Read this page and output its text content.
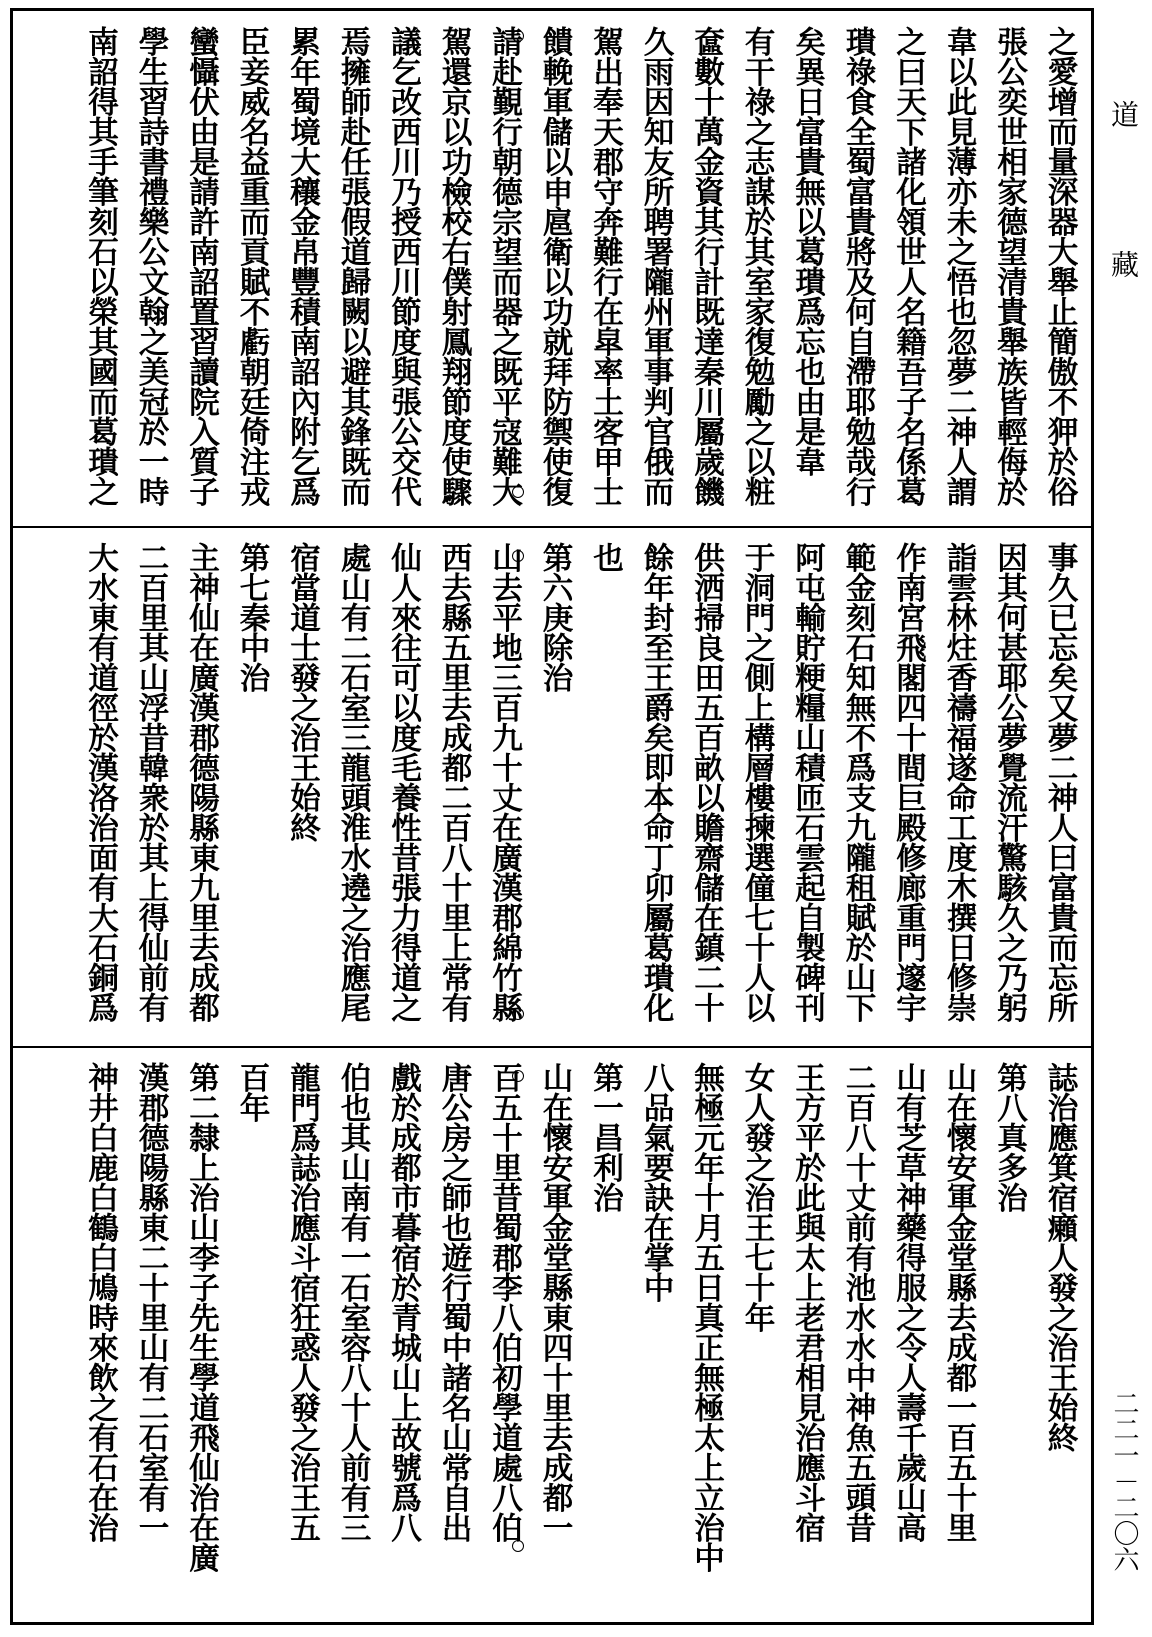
道
藏
二二一－二〇六
之愛增而量深器大舉止簡傲不狎於俗
張公奕世相家德望清貴舉族皆輕侮於
韋以此見薄亦未之悟也忽夢二神人謂
之曰天下諸化領世人名籍吾子名係葛
璝祿食全蜀富貴將及何自滯耶勉哉行
矣異日富貴無以葛璝爲忘也由是韋
有干祿之志謀於其室家復勉勵之以粧
奩數十萬金資其行計既達秦川屬歲饑
久雨因知友所聘署隴州軍事判官俄而
駕出奉天郡守奔難行在皐率土客甲士
饋輓軍儲以申扈衛以功就拜防禦使復
請赴覲行朝德宗望而器之既平寇難大
駕還京以功檢校右僕射鳳翔節度使驟
議乞改西川乃授西川節度與張公交代
焉擁師赴任張假道歸闕以避其鋒既而
累年蜀境大穰金帛豐積南詔內附乞爲
臣妾威名益重而貢賦不虧朝廷倚注戎
蠻懾伏由是請許南詔置習讀院入質子
學生習詩書禮樂公文翰之美冠於一時
南詔得其手筆刻石以榮其國而葛璝之
事久已忘矣又夢二神人曰富貴而忘所
因其何甚耶公夢覺流汗驚駭久之乃躬
詣雲林炷香禱福遂命工度木撰日修崇
作南宮飛閣四十間巨殿修廊重門邃宇
範金刻石知無不爲支九隴租賦於山下
阿屯輸貯粳糧山積匝石雲起自製碑刊
于洞門之側上構層樓揀選僮七十人以
供洒掃良田五百畝以贍齋儲在鎮二十
餘年封至王爵矣即本命丁卯屬葛璝化
也
第六庚除治
山去平地三百九十丈在廣漢郡綿竹縣
西去縣五里去成都二百八十里上常有
仙人來往可以度毛養性昔張力得道之
處山有二石室三龍頭淮水遶之治應尾
宿當道士發之治王始終
第七秦中治
主神仙在廣漢郡德陽縣東九里去成都
二百里其山浮昔韓衆於其上得仙前有
大水東有道徑於漢洛治面有大石銅爲
誌治應箕宿癩人發之治王始終
第八真多治
山在懷安軍金堂縣去成都一百五十里
山有芝草神藥得服之令人壽千歲山高
二百八十丈前有池水水中神魚五頭昔
王方平於此與太上老君相見治應斗宿
女人發之治王七十年
無極元年十月五日真正無極太上立治中
八品氣要訣在掌中
第一昌利治
山在懷安軍金堂縣東四十里去成都一
百五十里昔蜀郡李八伯初學道處八伯
唐公房之師也遊行蜀中諸名山常自出
戲於成都市暮宿於青城山上故號爲八
伯也其山南有一石室容八十人前有三
龍門爲誌治應斗宿狂惑人發之治王五
百年
第二隸上治山李子先生學道飛仙治在廣
漢郡德陽縣東二十里山有二石室有一
神井白鹿白鶴白鳩時來飲之有石在治
